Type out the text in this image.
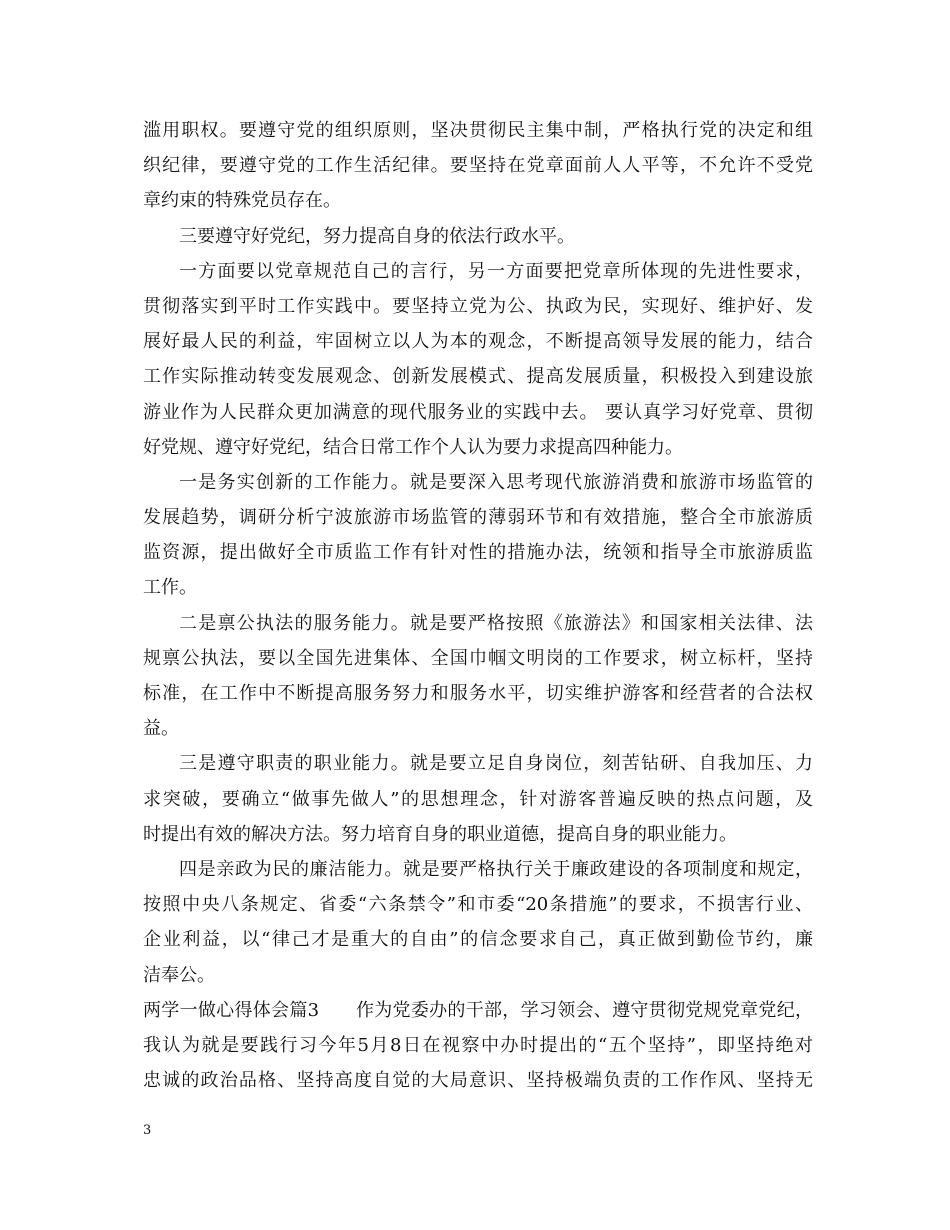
滥用职权。要遵守党的组织原则，坚决贯彻民主集中制，严格执行党的决定和组
织纪律，要遵守党的工作生活纪律。要坚持在党章面前人人平等，不允许不受党
章约束的特殊党员存在。
三要遵守好党纪，努力提高自身的依法行政水平。
一方面要以党章规范自己的言行，另一方面要把党章所体现的先进性要求，
贯彻落实到平时工作实践中。要坚持立党为公、执政为民，实现好、维护好、发
展好最人民的利益，牢固树立以人为本的观念，不断提高领导发展的能力，结合
工作实际推动转变发展观念、创新发展模式、提高发展质量，积极投入到建设旅
游业作为人民群众更加满意的现代服务业的实践中去。 要认真学习好党章、贯彻
好党规、遵守好党纪，结合日常工作个人认为要力求提高四种能力。
一是务实创新的工作能力。就是要深入思考现代旅游消费和旅游市场监管的
发展趋势，调研分析宁波旅游市场监管的薄弱环节和有效措施，整合全市旅游质
监资源，提出做好全市质监工作有针对性的措施办法，统领和指导全市旅游质监
工作。
二是禀公执法的服务能力。就是要严格按照《旅游法》和国家相关法律、法
规禀公执法，要以全国先进集体、全国巾帼文明岗的工作要求，树立标杆，坚持
标准，在工作中不断提高服务努力和服务水平，切实维护游客和经营者的合法权
益。
三是遵守职责的职业能力。就是要立足自身岗位，刻苦钻研、自我加压、力
求突破，要确立“做事先做人”的思想理念，针对游客普遍反映的热点问题，及
时提出有效的解决方法。努力培育自身的职业道德，提高自身的职业能力。
四是亲政为民的廉洁能力。就是要严格执行关于廉政建设的各项制度和规定，
按照中央八条规定、省委“六条禁令”和市委“20条措施”的要求，不损害行业、
企业利益，以“律己才是重大的自由”的信念要求自己，真正做到勤俭节约，廉
洁奉公。
两学一做心得体会篇3　　作为党委办的干部，学习领会、遵守贯彻党规党章党纪，
我认为就是要践行习今年5月8日在视察中办时提出的“五个坚持”，即坚持绝对
忠诚的政治品格、坚持高度自觉的大局意识、坚持极端负责的工作作风、坚持无
3
